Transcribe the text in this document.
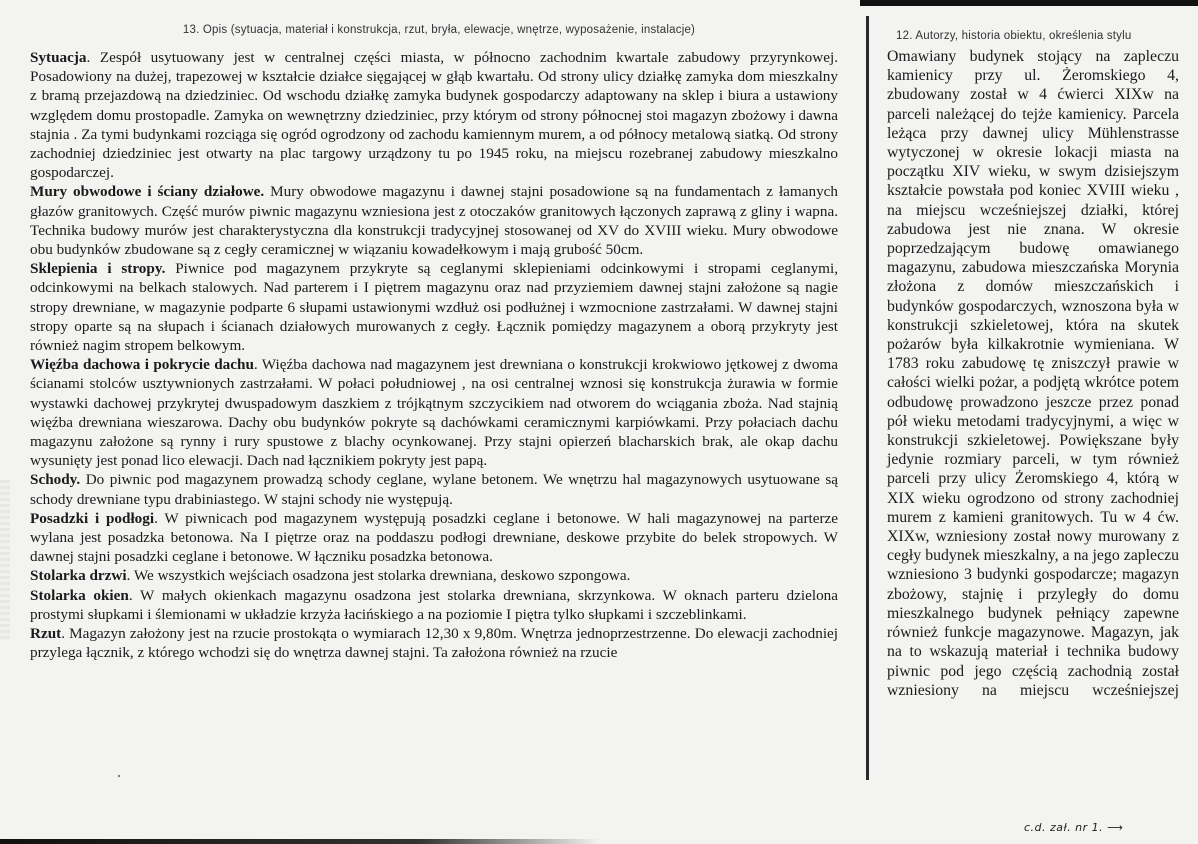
13. Opis (sytuacja, materiał i konstrukcja, rzut, bryła, elewacje, wnętrze, wyposażenie, instalacje)

Sytuacja. Zespół usytuowany jest w centralnej części miasta, w północno zachodnim kwartale zabudowy przyrynkowej. Posadowiony na dużej, trapezowej w kształcie działce sięgającej w głąb kwartału. Od strony ulicy działkę zamyka dom mieszkalny z bramą przejazdową na dziedziniec. Od wschodu działkę zamyka budynek gospodarczy adaptowany na sklep i biura a ustawiony względem domu prostopadle. Zamyka on wewnętrzny dziedziniec, przy którym od strony północnej stoi magazyn zbożowy i dawna stajnia . Za tymi budynkami rozciąga się ogród ogrodzony od zachodu kamiennym murem, a od północy metalową siatką. Od strony zachodniej dziedziniec jest otwarty na plac targowy urządzony tu po 1945 roku, na miejscu rozebranej zabudowy mieszkalno gospodarczej.

Mury obwodowe i ściany działowe. Mury obwodowe magazynu i dawnej stajni posadowione są na fundamentach z łamanych głazów granitowych. Część murów piwnic magazynu wzniesiona jest z otoczaków granitowych łączonych zaprawą z gliny i wapna. Technika budowy murów jest charakterystyczna dla konstrukcji tradycyjnej stosowanej od XV do XVIII wieku. Mury obwodowe obu budynków zbudowane są z cegły ceramicznej w wiązaniu kowadełkowym i mają grubość 50cm.

Sklepienia i stropy. Piwnice pod magazynem przykryte są ceglanymi sklepieniami odcinkowymi i stropami ceglanymi, odcinkowymi na belkach stalowych. Nad parterem i I piętrem magazynu oraz nad przyziemiem dawnej stajni założone są nagie stropy drewniane, w magazynie podparte 6 słupami ustawionymi wzdłuż osi podłużnej i wzmocnione zastrzałami. W dawnej stajni stropy oparte są na słupach i ścianach działowych murowanych z cegły. Łącznik pomiędzy magazynem a oborą przykryty jest również nagim stropem belkowym.

Więźba dachowa i pokrycie dachu. Więźba dachowa nad magazynem jest drewniana o konstrukcji krokwiowo jętkowej z dwoma ścianami stolców usztywnionych zastrzałami. W połaci południowej , na osi centralnej wznosi się konstrukcja żurawia w formie wystawki dachowej przykrytej dwuspadowym daszkiem z trójkątnym szczycikiem nad otworem do wciągania zboża. Nad stajnią więźba drewniana wieszarowa. Dachy obu budynków pokryte są dachówkami ceramicznymi karpiówkami. Przy połaciach dachu magazynu założone są rynny i rury spustowe z blachy ocynkowanej. Przy stajni opierzeń blacharskich brak, ale okap dachu wysunięty jest ponad lico elewacji. Dach nad łącznikiem pokryty jest papą.

Schody. Do piwnic pod magazynem prowadzą schody ceglane, wylane betonem. We wnętrzu hal magazynowych usytuowane są schody drewniane typu drabiniastego. W stajni schody nie występują.

Posadzki i podłogi. W piwnicach pod magazynem występują posadzki ceglane i betonowe. W hali magazynowej na parterze wylana jest posadzka betonowa. Na I piętrze oraz na poddaszu podłogi drewniane, deskowe przybite do belek stropowych. W dawnej stajni posadzki ceglane i betonowe. W łączniku posadzka betonowa.

Stolarka drzwi. We wszystkich wejściach osadzona jest stolarka drewniana, deskowo szpongowa.

Stolarka okien. W małych okienkach magazynu osadzona jest stolarka drewniana, skrzynkowa. W oknach parteru dzielona prostymi słupkami i ślemionami w układzie krzyża łacińskiego a na poziomie I piętra tylko słupkami i szczeblinkami.

Rzut. Magazyn założony jest na rzucie prostokąta o wymiarach 12,30 x 9,80m. Wnętrza jednoprzestrzenne. Do elewacji zachodniej przylega łącznik, z którego wchodzi się do wnętrza dawnej stajni. Ta założona również na rzucie

12. Autorzy, historia obiektu, określenia stylu

Omawiany budynek stojący na zapleczu kamienicy przy ul. Żeromskiego 4, zbudowany został w 4 ćwierci XIXw na parceli należącej do tejże kamienicy. Parcela leżąca przy dawnej ulicy Mühlenstrasse wytyczonej w okresie lokacji miasta na początku XIV wieku, w swym dzisiejszym kształcie powstała pod koniec XVIII wieku , na miejscu wcześniejszej działki, której zabudowa jest nie znana. W okresie poprzedzającym budowę omawianego magazynu, zabudowa mieszczańska Morynia złożona z domów mieszczańskich i budynków gospodarczych, wznoszona była w konstrukcji szkieletowej, która na skutek pożarów była kilkakrotnie wymieniana. W 1783 roku zabudowę tę zniszczył prawie w całości wielki pożar, a podjętą wkrótce potem odbudowę prowadzono jeszcze przez ponad pół wieku metodami tradycyjnymi, a więc w konstrukcji szkieletowej. Powiększane były jedynie rozmiary parceli, w tym również parceli przy ulicy Żeromskiego 4, którą w XIX wieku ogrodzono od strony zachodniej murem z kamieni granitowych. Tu w 4 ćw. XIXw, wzniesiony został nowy murowany z cegły budynek mieszkalny, a na jego zapleczu wzniesiono 3 budynki gospodarcze; magazyn zbożowy, stajnię i przyległy do domu mieszkalnego budynek pełniący zapewne również funkcje magazynowe. Magazyn, jak na to wskazują materiał i technika budowy piwnic pod jego częścią zachodnią został wzniesiony na miejscu wcześniejszej

c.d. zał. nr 1. ⟶
